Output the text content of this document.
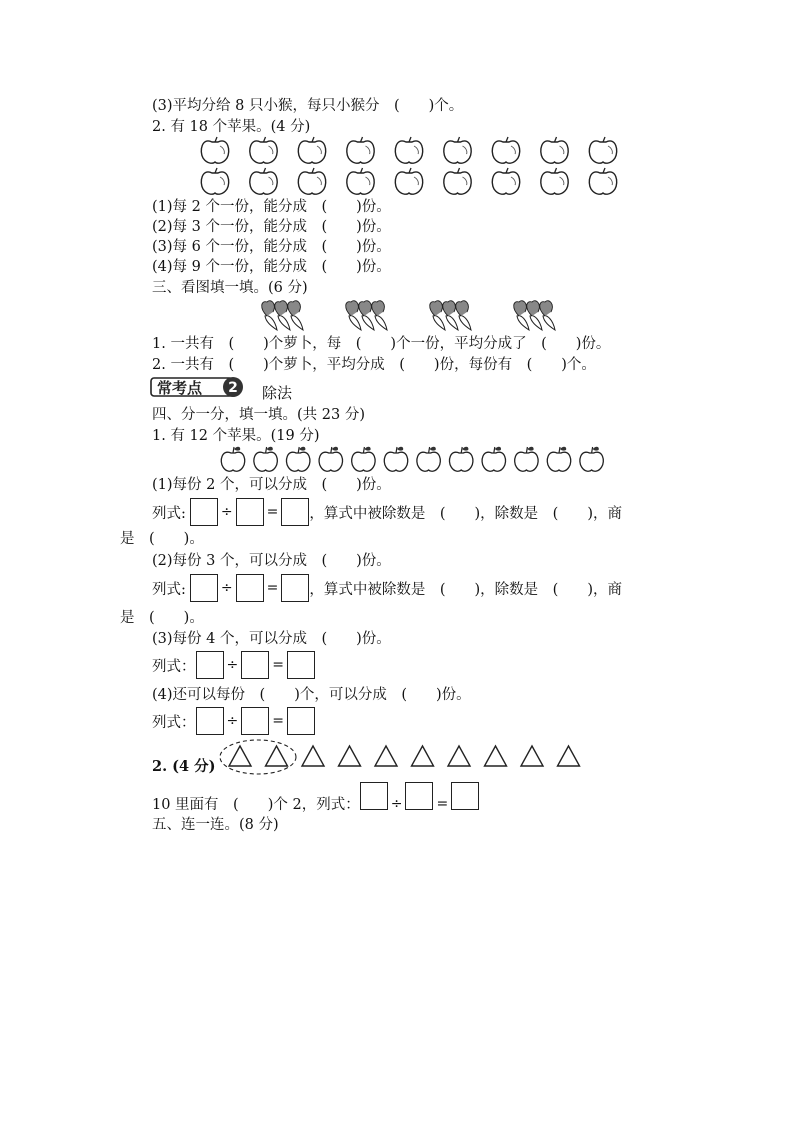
(3)平均分给 8 只小猴，每只小猴分　(　　)个。
2. 有 18 个苹果。(4 分)
(1)每 2 个一份，能分成　(　　)份。
(2)每 3 个一份，能分成　(　　)份。
(3)每 6 个一份，能分成　(　　)份。
(4)每 9 个一份，能分成　(　　)份。
三、看图填一填。(6 分)
1. 一共有　(　　)个萝卜，每　(　　)个一份，平均分成了　(　　)份。
2. 一共有　(　　)个萝卜，平均分成　(　　)份，每份有　(　　)个。
常考点 2 除法
四、分一分，填一填。(共 23 分)
1. 有 12 个苹果。(19 分)
(1)每份 2 个，可以分成　(　　)份。
列式:	÷ = ，算式中被除数是　(　　)，除数是　(　　)，商
是　(　　)。
(2)每份 3 个，可以分成　(　　)份。
列式:	÷ = ，算式中被除数是　(　　)，除数是　(　　)，商
是　(　　)。
(3)每份 4 个，可以分成　(　　)份。
列式： ÷ =
(4)还可以每份　(　　)个，可以分成　(　　)份。
列式： ÷ =
2. (4 分)
10 里面有　(　　)个 2，列式： ÷ =
五、连一连。(8 分)
